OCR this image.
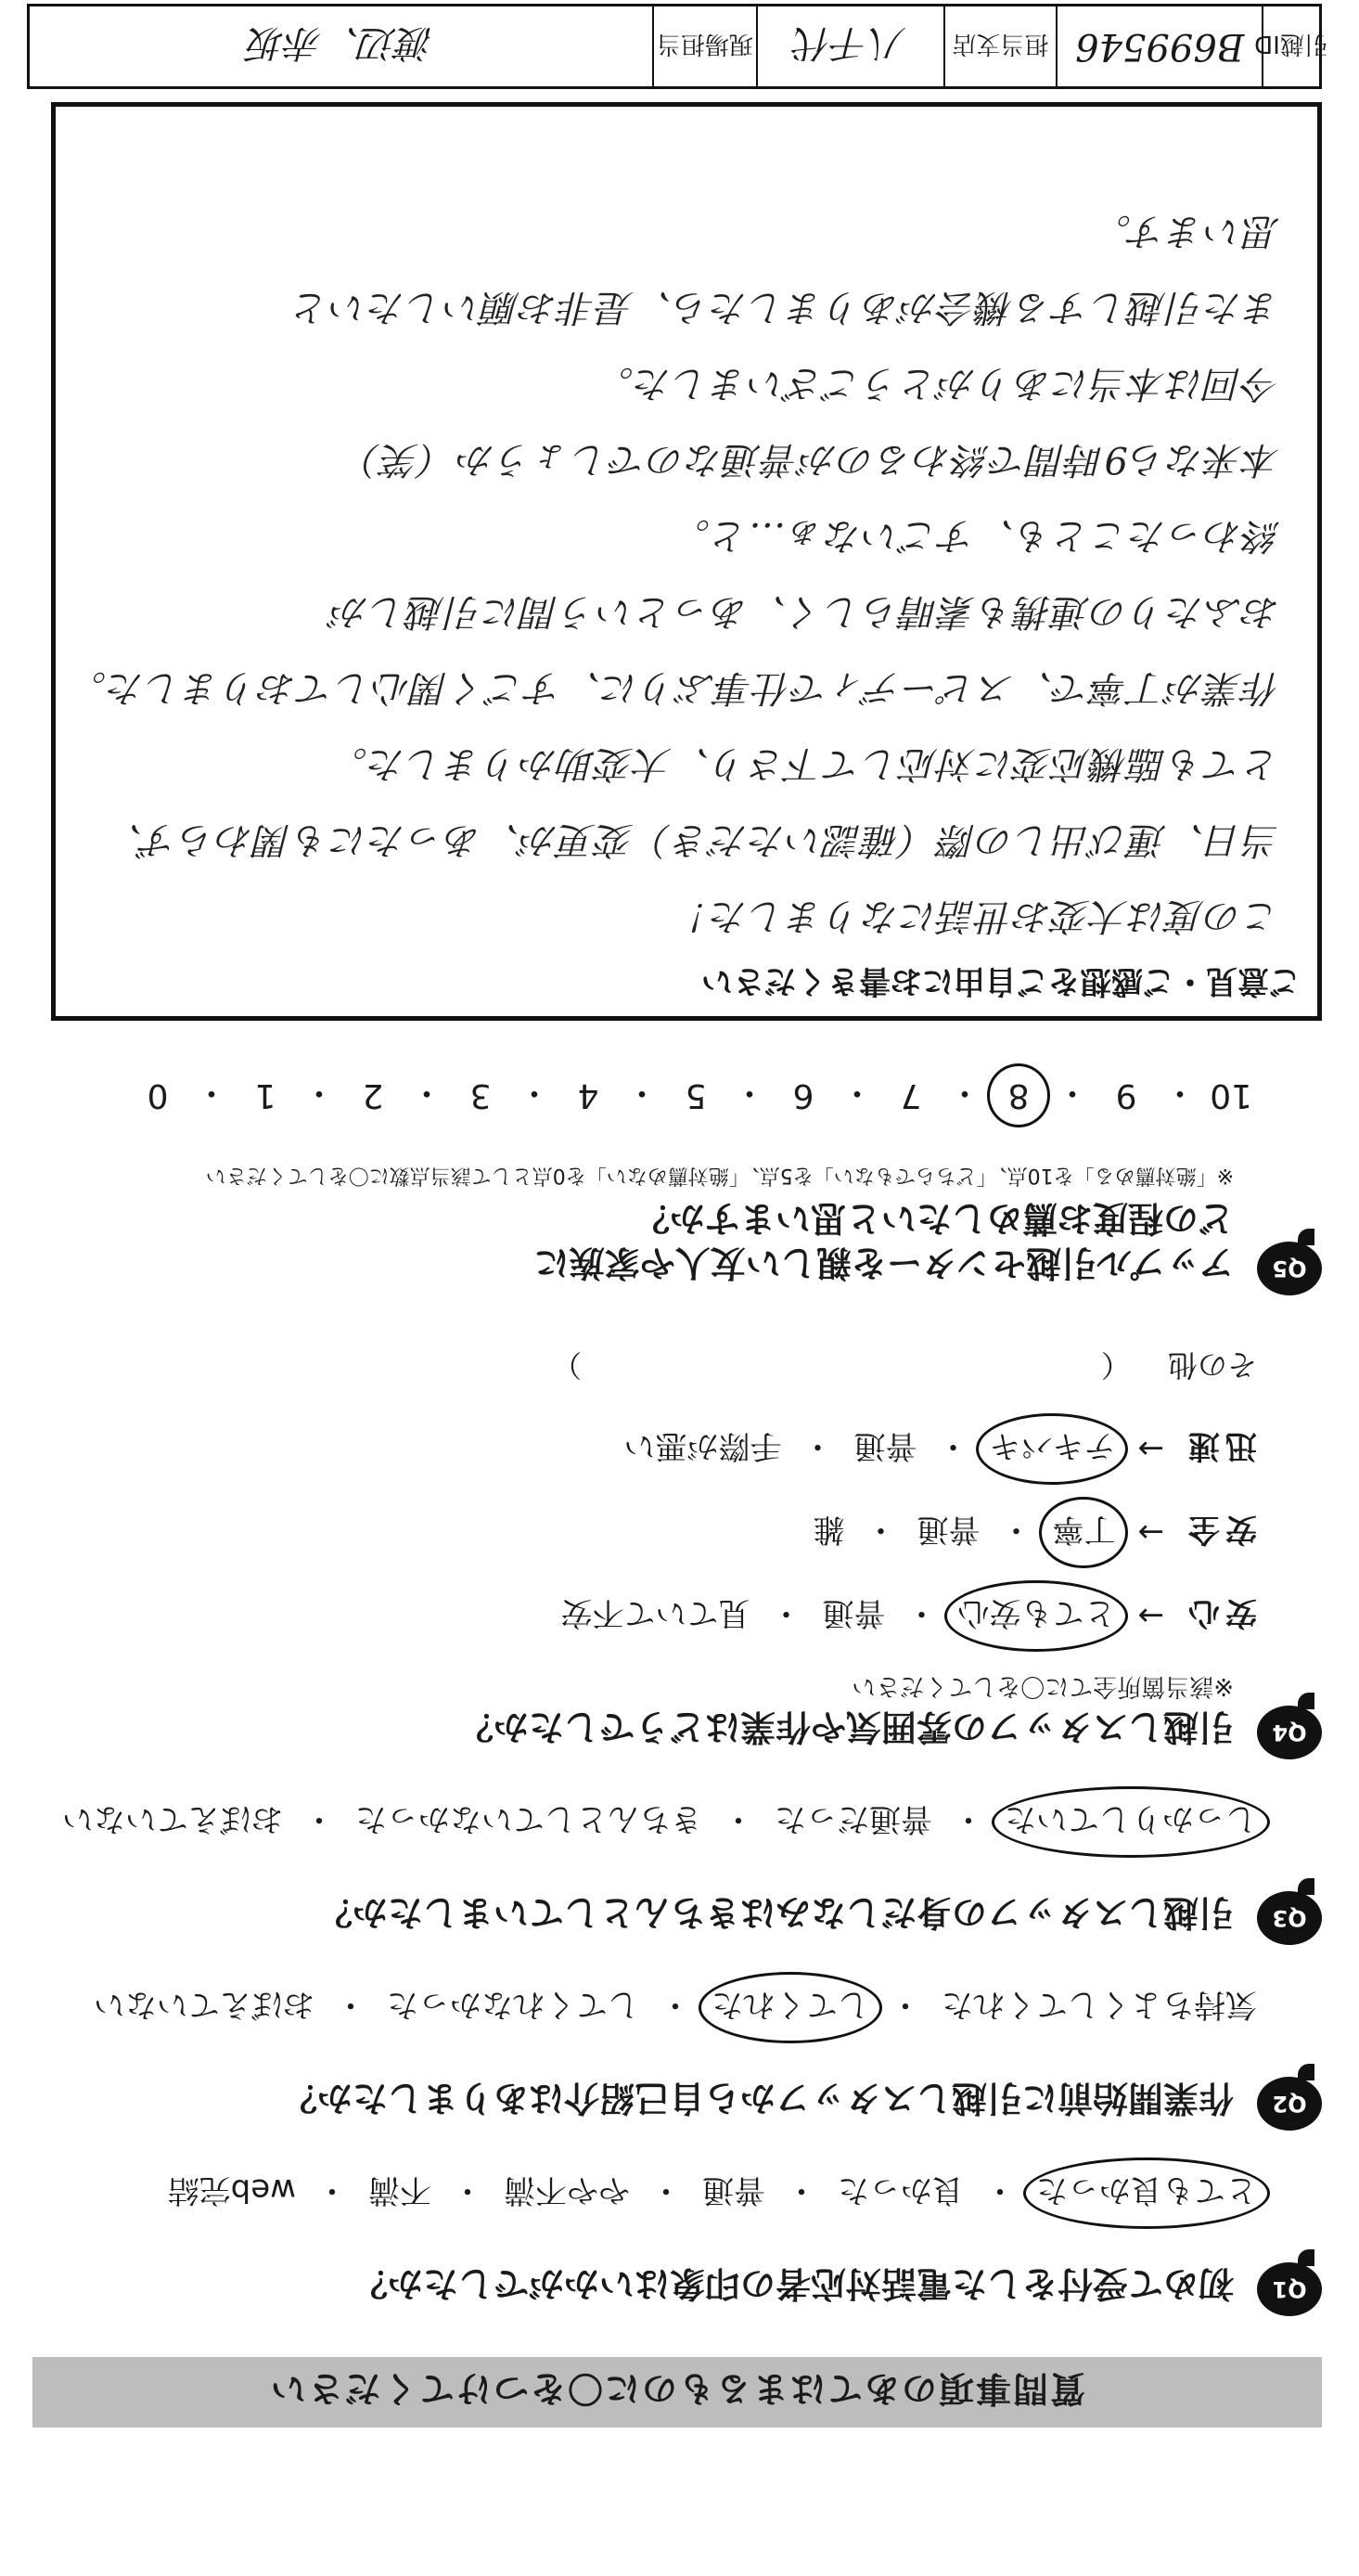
質問事項のあてはまるものに〇をつけてください
Q1
初めて受付をした電話対応者の印象はいかがでしたか？
とても良かった
・
良かった
・
普通
・
やや不満
・
不満
・
web完結
Q2
作業開始前に引越しスタッフから自己紹介はありましたか？
気持ちよくしてくれた
・
してくれた
・
してくれなかった
・
おぼえていない
Q3
引越しスタッフの身だしなみはきちんとしていましたか？
しっかりしていた
・
普通だった
・
きちんとしていなかった
・
おぼえていない
Q4
引越しスタッフの雰囲気や作業はどうでしたか？
※該当箇所全てに〇をしてください
安心
→
とても安心
・
普通
・
見ていて不安
安全
→
丁寧
・
普通
・
雑
迅速
→
テキパキ
・
普通
・
手際が悪い
その他
（
）
Q5
アップル引越センターを親しい友人や家族に
どの程度お薦めしたいと思いますか？
※「絶対薦める」を10点、「どちらでもない」を5点、「絶対薦めない」を0点として該当点数に〇をしてください
10
・
9
・
8
・
7
・
6
・
5
・
4
・
3
・
2
・
1
・
0
ご意見・ご感想をご自由にお書きください
この度は大変お世話になりました！
当日、運び出しの際（確認いただき）変更が、あったにも関わらず、
とても臨機応変に対応して下さり、大変助かりました。
作業が丁寧で、スピーディで仕事ぶりに、すごく関心しておりました。
おふたりの連携も素晴らしく、あっという間に引越しが
終わったことも、すごいなぁ…と。
本来なら9時間で終わるのが普通なのでしょうか（笑）
今回は本当にありがとうございました。
また引越しする機会がありましたら、是非お願いしたいと
思います。
引越ID
B699546
担当支店
八千代
現場担当
渡辺、赤坂
